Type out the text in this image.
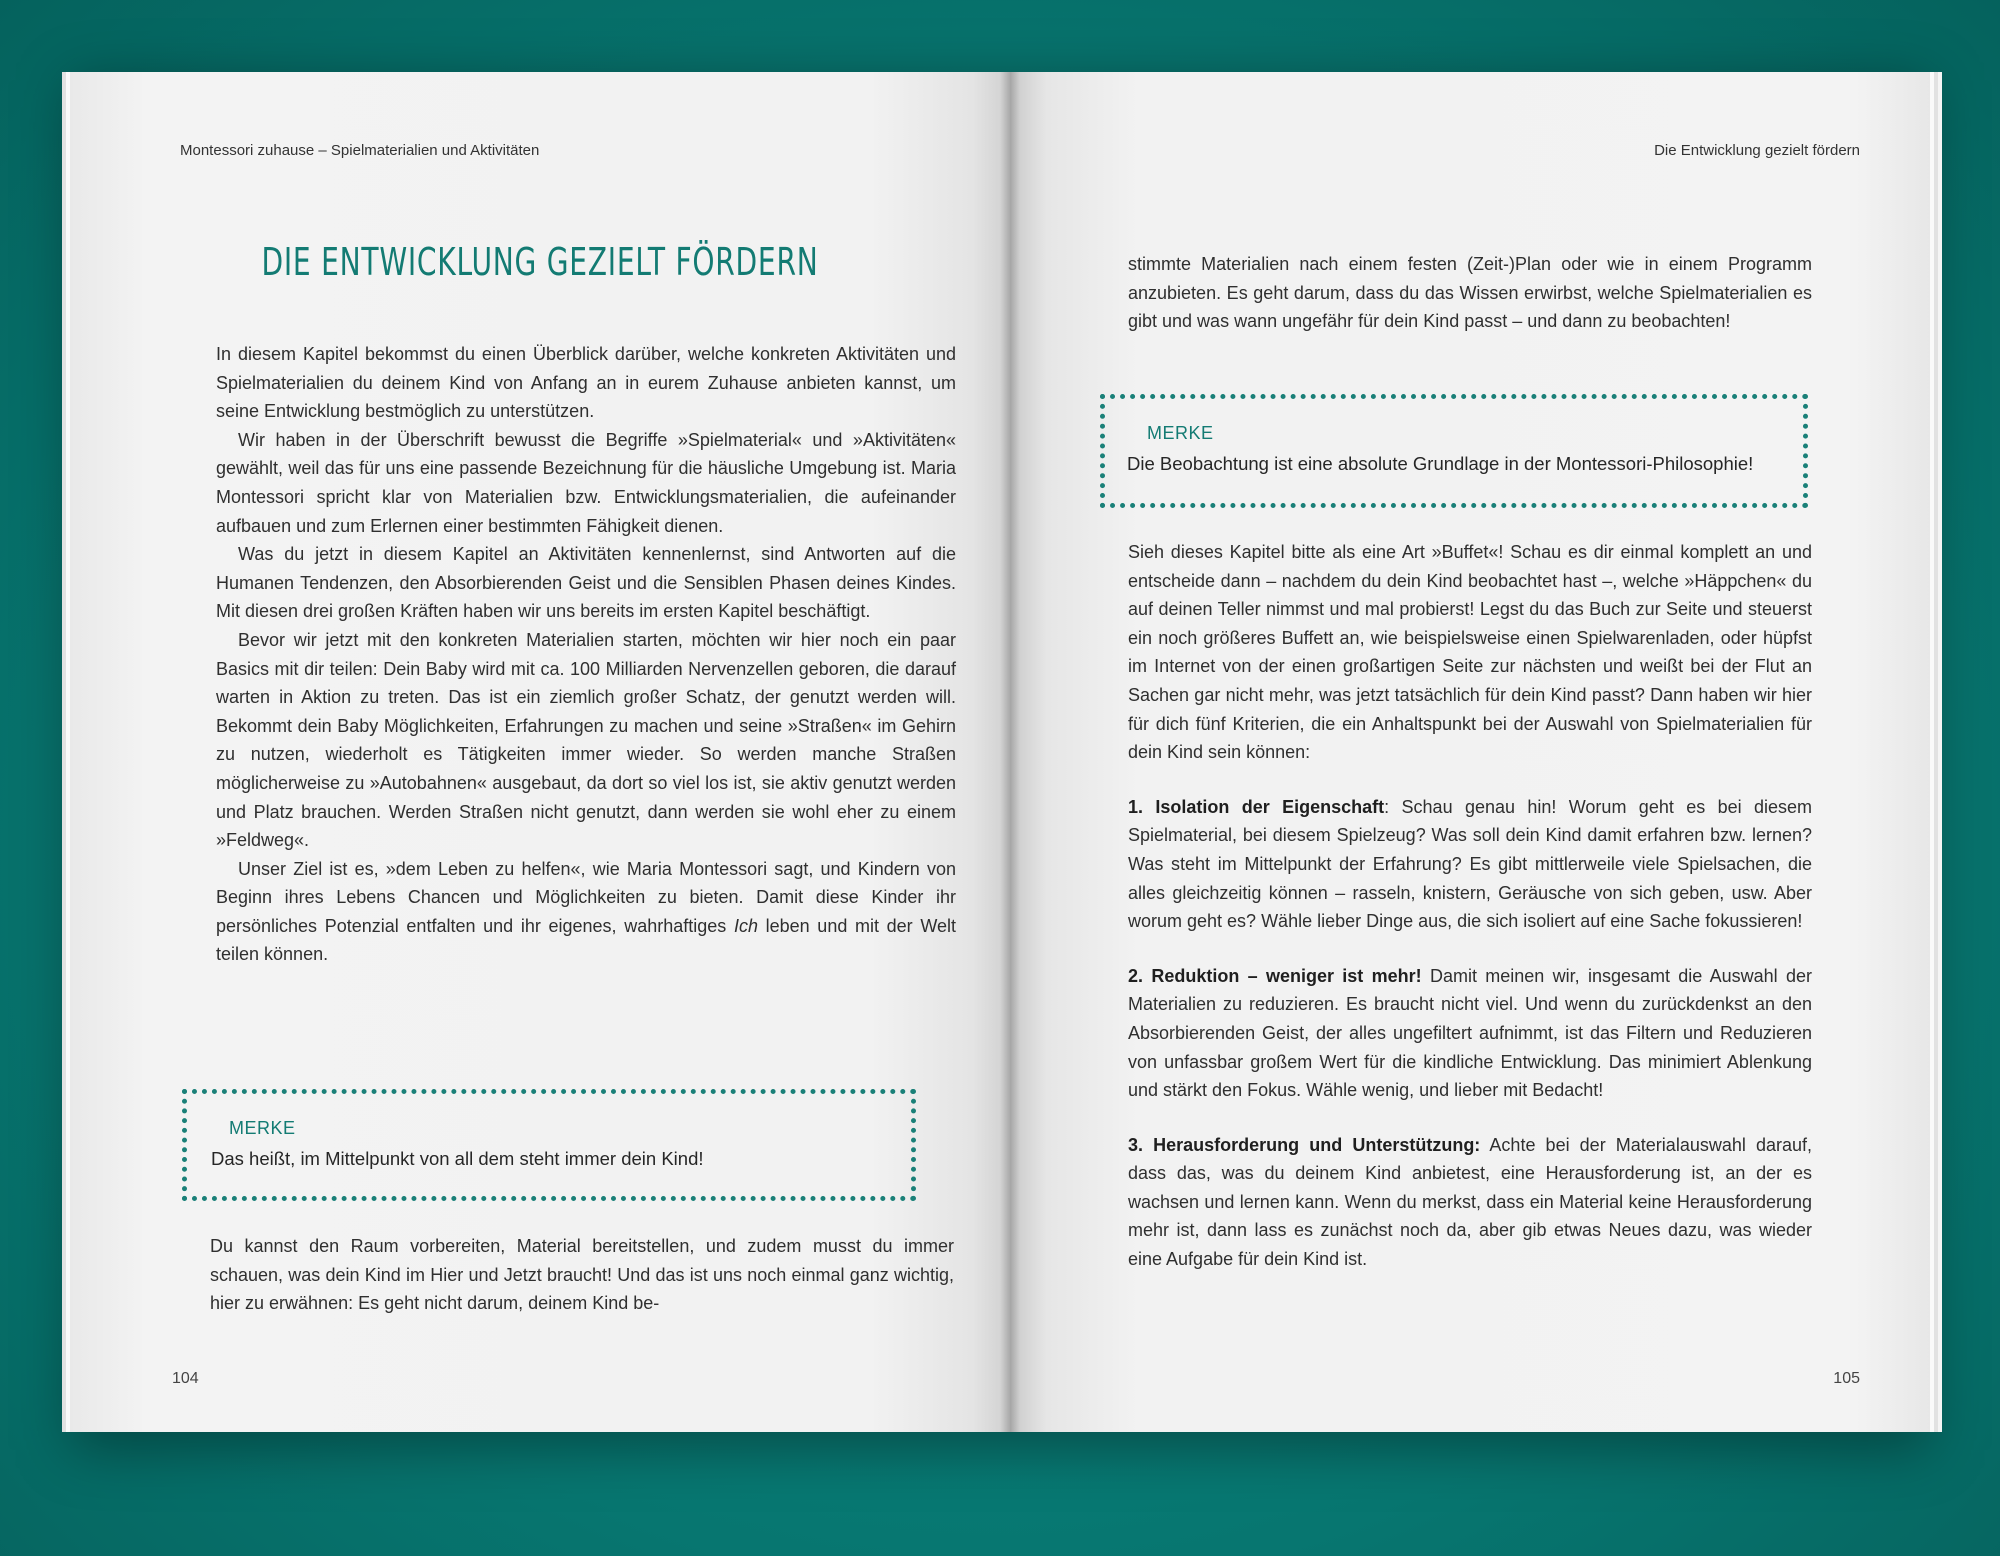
Montessori zuhause – Spielmaterialien und Aktivitäten
DIE ENTWICKLUNG GEZIELT FÖRDERN

In diesem Kapitel bekommst du einen Überblick darüber, welche konkreten Aktivitäten und Spielmaterialien du deinem Kind von Anfang an in eurem Zuhause anbieten kannst, um seine Entwicklung bestmöglich zu unterstützen.

Wir haben in der Überschrift bewusst die Begriffe »Spielmaterial« und »Aktivitäten« gewählt, weil das für uns eine passende Bezeichnung für die häusliche Umgebung ist. Maria Montessori spricht klar von Materialien bzw. Entwicklungsmaterialien, die aufeinander aufbauen und zum Erlernen einer bestimmten Fähigkeit dienen.

Was du jetzt in diesem Kapitel an Aktivitäten kennenlernst, sind Antworten auf die Humanen Tendenzen, den Absorbierenden Geist und die Sensiblen Phasen deines Kindes. Mit diesen drei großen Kräften haben wir uns bereits im ersten Kapitel beschäftigt.

Bevor wir jetzt mit den konkreten Materialien starten, möchten wir hier noch ein paar Basics mit dir teilen: Dein Baby wird mit ca. 100 Milliarden Nervenzellen geboren, die darauf warten in Aktion zu treten. Das ist ein ziemlich großer Schatz, der genutzt werden will. Bekommt dein Baby Möglichkeiten, Erfahrungen zu machen und seine »Straßen« im Gehirn zu nutzen, wiederholt es Tätigkeiten immer wieder. So werden manche Straßen möglicherweise zu »Autobahnen« ausgebaut, da dort so viel los ist, sie aktiv genutzt werden und Platz brauchen. Werden Straßen nicht genutzt, dann werden sie wohl eher zu einem »Feldweg«.

Unser Ziel ist es, »dem Leben zu helfen«, wie Maria Montessori sagt, und Kindern von Beginn ihres Lebens Chancen und Möglichkeiten zu bieten. Damit diese Kinder ihr persönliches Potenzial entfalten und ihr eigenes, wahrhaftiges Ich leben und mit der Welt teilen können.

MERKE
Das heißt, im Mittelpunkt von all dem steht immer dein Kind!

Du kannst den Raum vorbereiten, Material bereitstellen, und zudem musst du immer schauen, was dein Kind im Hier und Jetzt braucht! Und das ist uns noch einmal ganz wichtig, hier zu erwähnen: Es geht nicht darum, deinem Kind be-

104
Die Entwicklung gezielt fördern

stimmte Materialien nach einem festen (Zeit-)Plan oder wie in einem Programm anzubieten. Es geht darum, dass du das Wissen erwirbst, welche Spielmaterialien es gibt und was wann ungefähr für dein Kind passt – und dann zu beobachten!

MERKE
Die Beobachtung ist eine absolute Grundlage in der Montessori-Philosophie!

Sieh dieses Kapitel bitte als eine Art »Buffet«! Schau es dir einmal komplett an und entscheide dann – nachdem du dein Kind beobachtet hast –, welche »Häppchen« du auf deinen Teller nimmst und mal probierst! Legst du das Buch zur Seite und steuerst ein noch größeres Buffett an, wie beispielsweise einen Spielwarenladen, oder hüpfst im Internet von der einen großartigen Seite zur nächsten und weißt bei der Flut an Sachen gar nicht mehr, was jetzt tatsächlich für dein Kind passt? Dann haben wir hier für dich fünf Kriterien, die ein Anhaltspunkt bei der Auswahl von Spielmaterialien für dein Kind sein können:

1. Isolation der Eigenschaft: Schau genau hin! Worum geht es bei diesem Spielmaterial, bei diesem Spielzeug? Was soll dein Kind damit erfahren bzw. lernen? Was steht im Mittelpunkt der Erfahrung? Es gibt mittlerweile viele Spielsachen, die alles gleichzeitig können – rasseln, knistern, Geräusche von sich geben, usw. Aber worum geht es? Wähle lieber Dinge aus, die sich isoliert auf eine Sache fokussieren!

2. Reduktion – weniger ist mehr! Damit meinen wir, insgesamt die Auswahl der Materialien zu reduzieren. Es braucht nicht viel. Und wenn du zurückdenkst an den Absorbierenden Geist, der alles ungefiltert aufnimmt, ist das Filtern und Reduzieren von unfassbar großem Wert für die kindliche Entwicklung. Das minimiert Ablenkung und stärkt den Fokus. Wähle wenig, und lieber mit Bedacht!

3. Herausforderung und Unterstützung: Achte bei der Materialauswahl darauf, dass das, was du deinem Kind anbietest, eine Herausforderung ist, an der es wachsen und lernen kann. Wenn du merkst, dass ein Material keine Herausforderung mehr ist, dann lass es zunächst noch da, aber gib etwas Neues dazu, was wieder eine Aufgabe für dein Kind ist.

105
